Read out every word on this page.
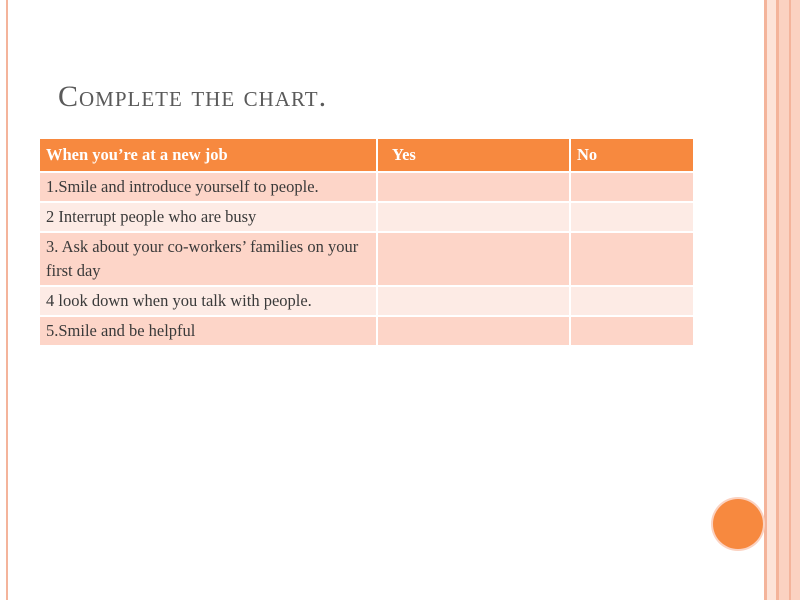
Complete the chart.
When you’re at a new job	Yes	No
1.Smile and introduce yourself to people.		
2 Interrupt people who are busy		
3. Ask about your co-workers’ families on your first day		
4 look down when you talk with people.		
5.Smile and be helpful		
